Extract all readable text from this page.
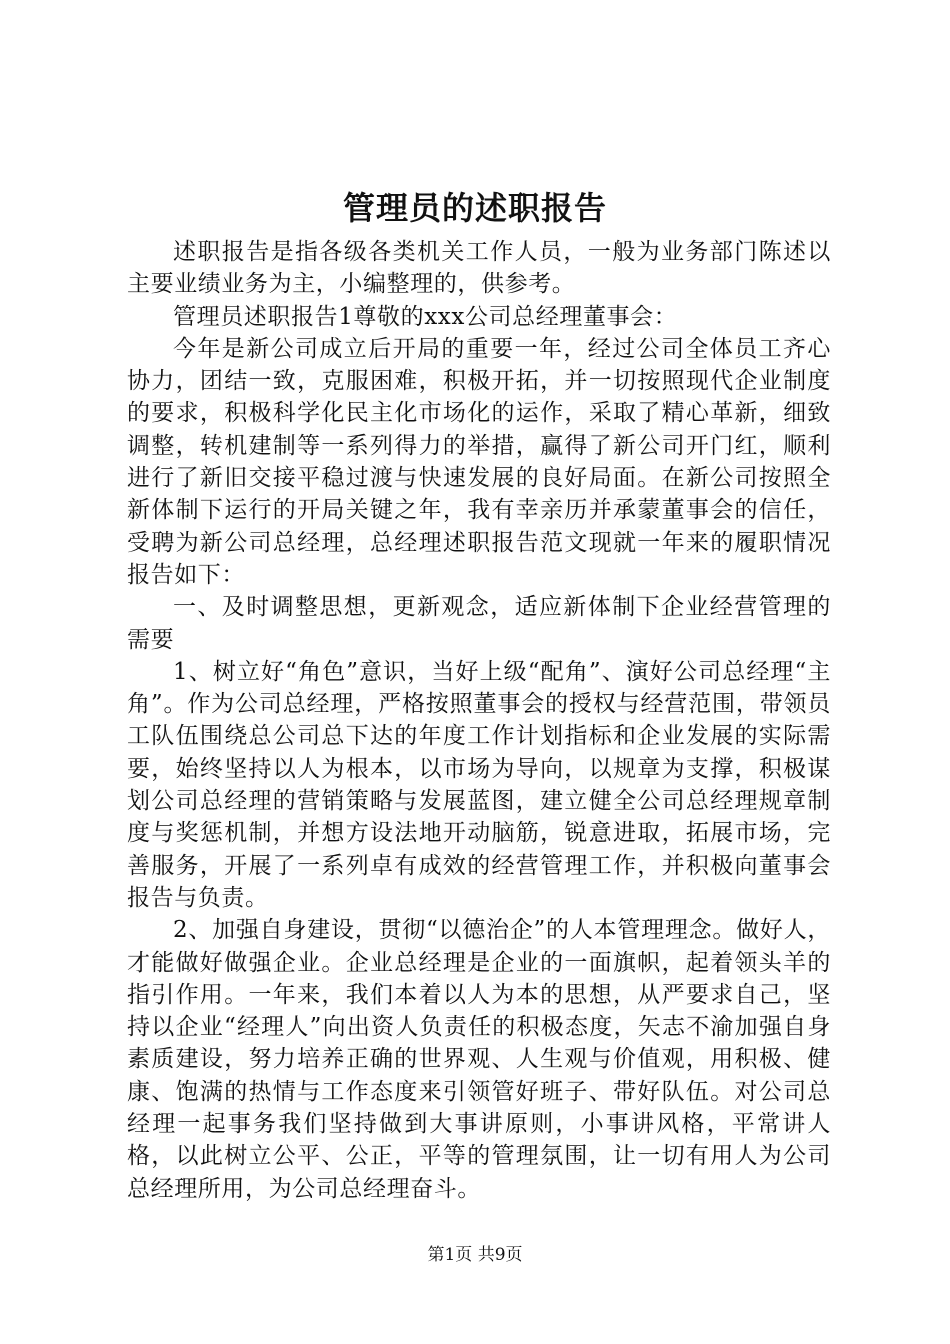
管理员的述职报告

述职报告是指各级各类机关工作人员，一般为业务部门陈述以主要业绩业务为主，小编整理的，供参考。

管理员述职报告1尊敬的xxx公司总经理董事会：

今年是新公司成立后开局的重要一年，经过公司全体员工齐心协力，团结一致，克服困难，积极开拓，并一切按照现代企业制度的要求，积极科学化民主化市场化的运作，采取了精心革新，细致调整，转机建制等一系列得力的举措，赢得了新公司开门红，顺利进行了新旧交接平稳过渡与快速发展的良好局面。在新公司按照全新体制下运行的开局关键之年，我有幸亲历并承蒙董事会的信任，受聘为新公司总经理，总经理述职报告范文现就一年来的履职情况报告如下：

一、及时调整思想，更新观念，适应新体制下企业经营管理的需要

1、树立好“角色”意识，当好上级“配角”、演好公司总经理“主角”。作为公司总经理，严格按照董事会的授权与经营范围，带领员工队伍围绕总公司总下达的年度工作计划指标和企业发展的实际需要，始终坚持以人为根本，以市场为导向，以规章为支撑，积极谋划公司总经理的营销策略与发展蓝图，建立健全公司总经理规章制度与奖惩机制，并想方设法地开动脑筋，锐意进取，拓展市场，完善服务，开展了一系列卓有成效的经营管理工作，并积极向董事会报告与负责。

2、加强自身建设，贯彻“以德治企”的人本管理理念。做好人，才能做好做强企业。企业总经理是企业的一面旗帜，起着领头羊的指引作用。一年来，我们本着以人为本的思想，从严要求自己，坚持以企业“经理人”向出资人负责任的积极态度，矢志不渝加强自身素质建设，努力培养正确的世界观、人生观与价值观，用积极、健康、饱满的热情与工作态度来引领管好班子、带好队伍。对公司总经理一起事务我们坚持做到大事讲原则，小事讲风格，平常讲人格，以此树立公平、公正，平等的管理氛围，让一切有用人为公司总经理所用，为公司总经理奋斗。

第1页 共9页
